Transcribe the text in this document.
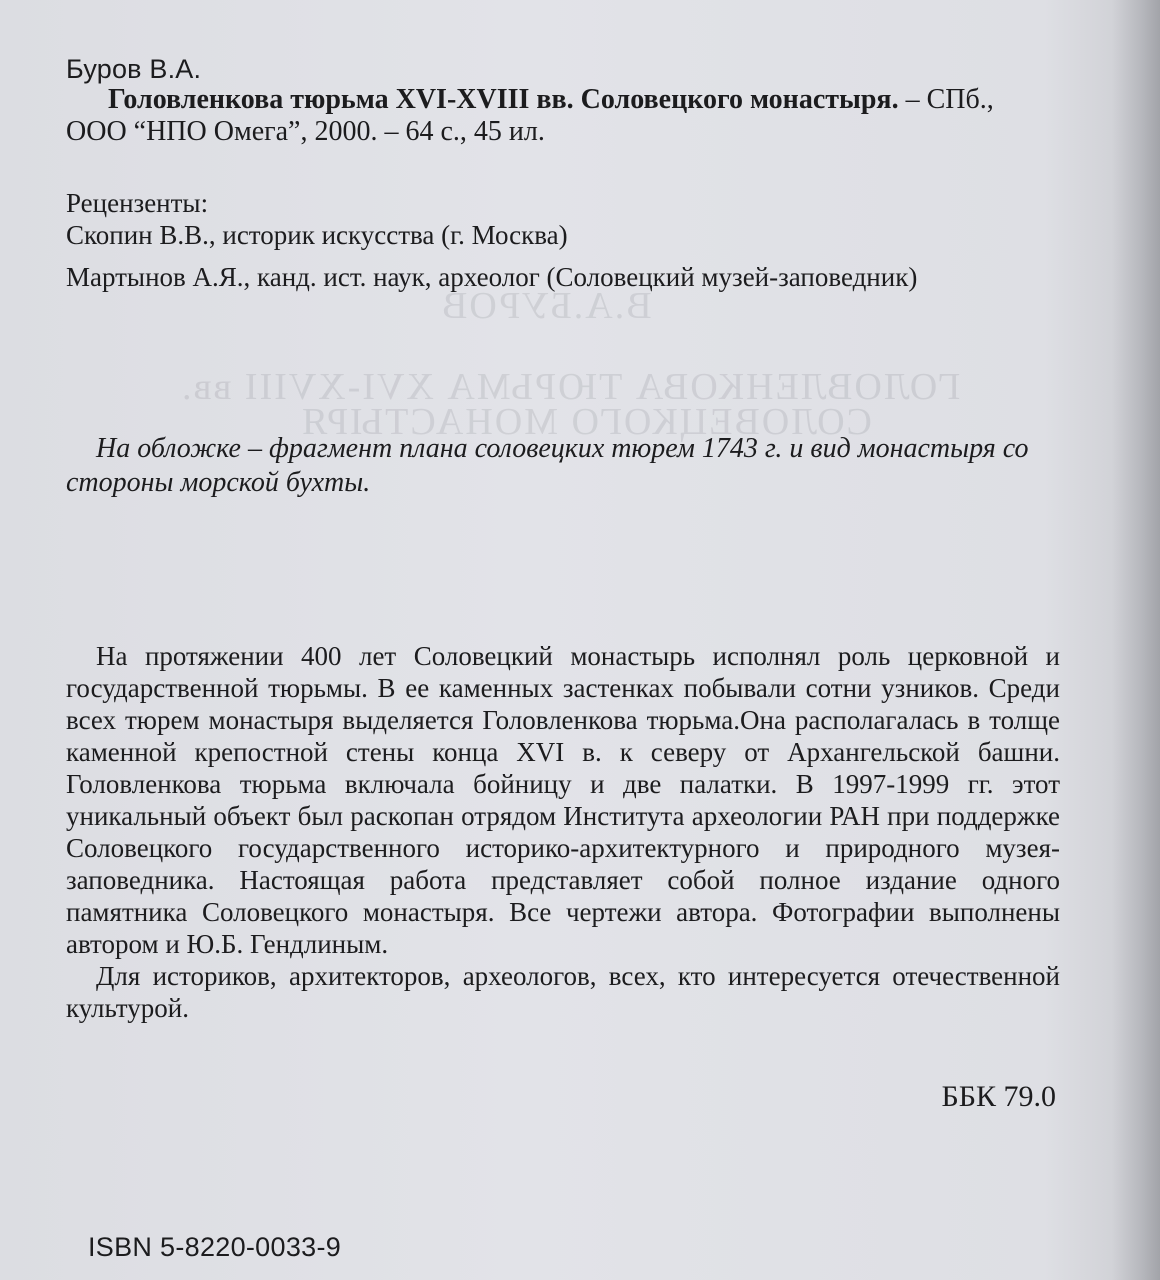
В.А.БУРОВ
ГОЛОВЛЕНКОВА ТЮРЬМА XVI-XVIII вв.
СОЛОВЕЦКОГО МОНАСТЫРЯ
Буров В.А.
Головленкова тюрьма XVI-XVIII вв. Соловецкого монастыря. – СПб.,
ООО “НПО Омега”, 2000. – 64 с., 45 ил.
Рецензенты:
Скопин В.В., историк искусства (г. Москва)
Мартынов А.Я., канд. ист. наук, археолог (Соловецкий музей-заповедник)
На обложке – фрагмент плана соловецких тюрем 1743 г. и вид монастыря со стороны морской бухты.

На протяжении 400 лет Соловецкий монастырь исполнял роль церковной и государственной тюрьмы. В ее каменных застенках побывали сотни узников. Среди всех тюрем монастыря выделяется Головленкова тюрьма.Она располагалась в толще каменной крепостной стены конца XVI в. к северу от Архангельской башни. Головленкова тюрьма включала бойницу и две палатки. В 1997-1999 гг. этот уникальный объект был раскопан отрядом Института археологии РАН при поддержке Соловецкого государственного историко-архитектурного и природного музея-заповедника. Настоящая работа представляет собой полное издание одного памятника Соловецкого монастыря. Все чертежи автора. Фотографии выполнены автором и Ю.Б. Гендлиным.

Для историков, архитекторов, археологов, всех, кто интересуется отечественной культурой.

ББК 79.0
ISBN 5-8220-0033-9
